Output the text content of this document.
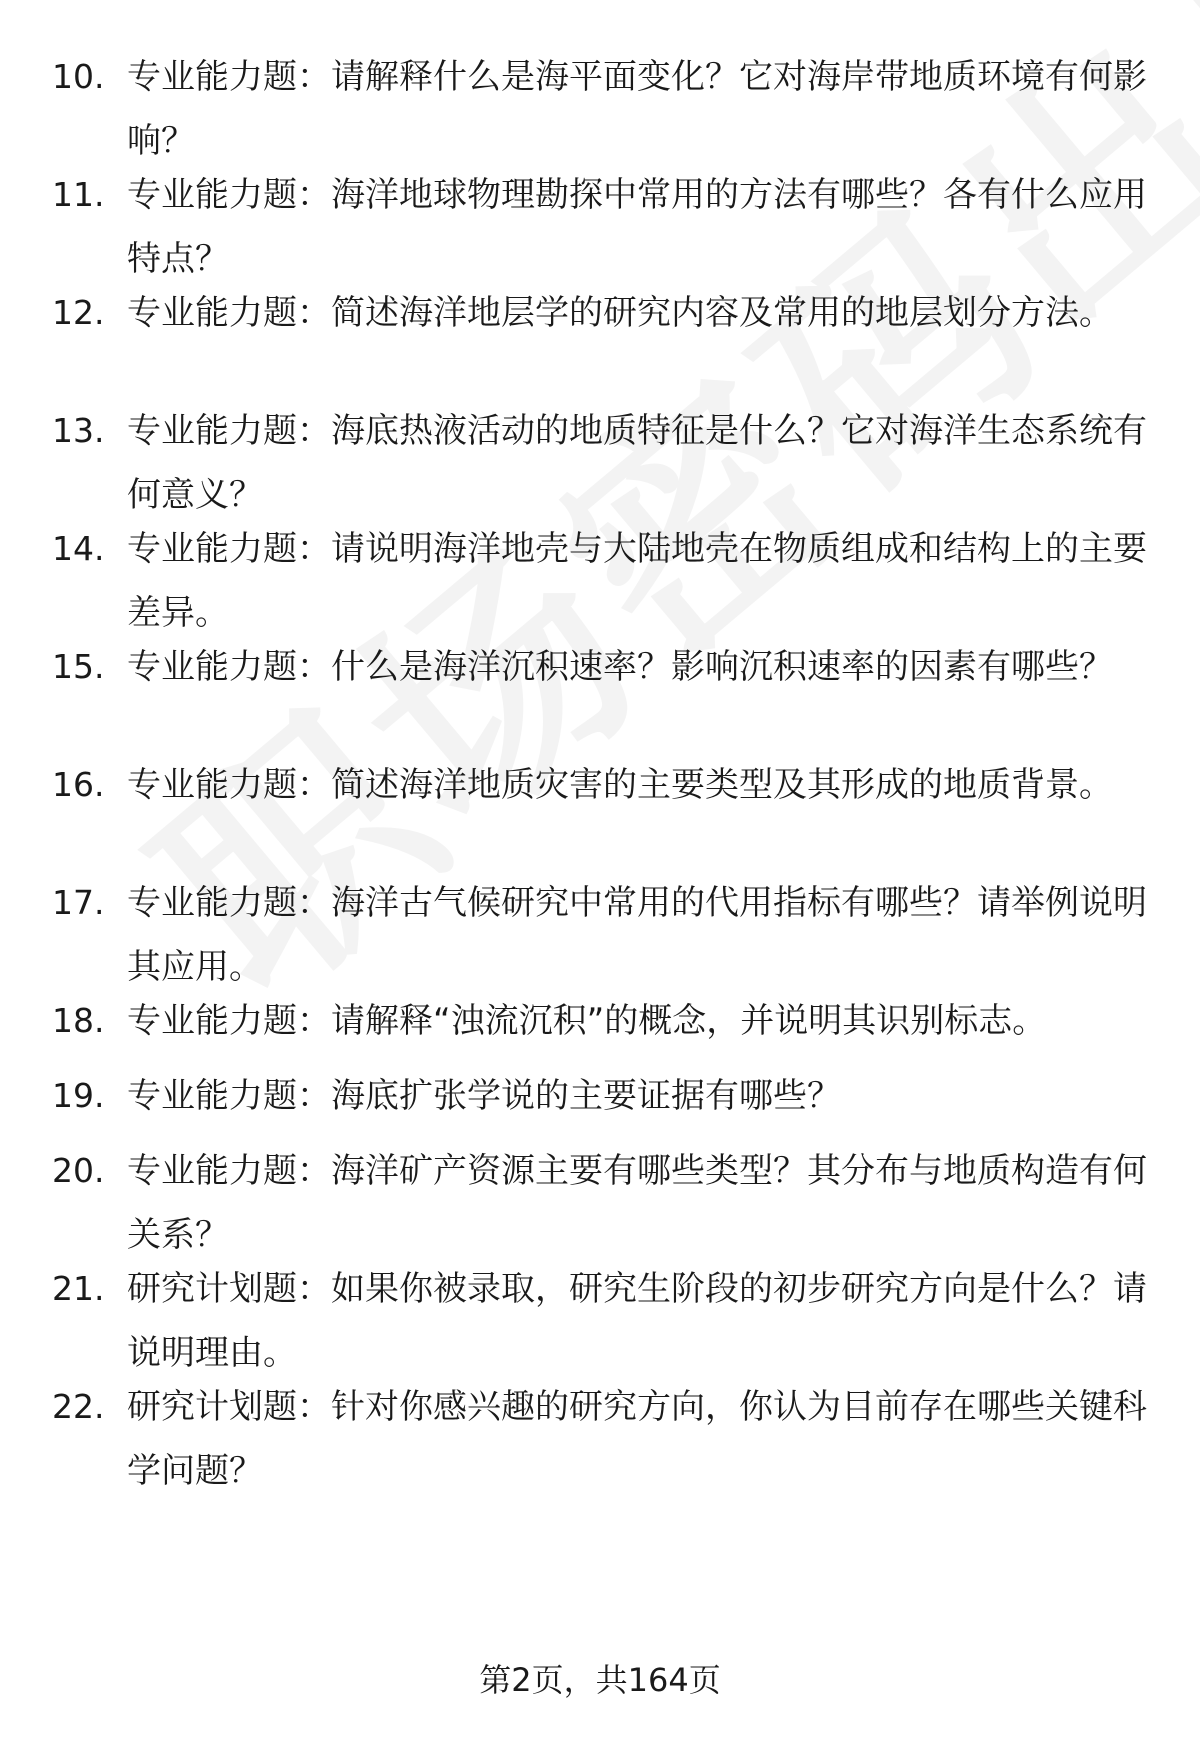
10. 专业能力题：请解释什么是海平面变化？它对海岸带地质环境有何影响？
11. 专业能力题：海洋地球物理勘探中常用的方法有哪些？各有什么应用特点？
12. 专业能力题：简述海洋地层学的研究内容及常用的地层划分方法。
13. 专业能力题：海底热液活动的地质特征是什么？它对海洋生态系统有何意义？
14. 专业能力题：请说明海洋地壳与大陆地壳在物质组成和结构上的主要差异。
15. 专业能力题：什么是海洋沉积速率？影响沉积速率的因素有哪些？
16. 专业能力题：简述海洋地质灾害的主要类型及其形成的地质背景。
17. 专业能力题：海洋古气候研究中常用的代用指标有哪些？请举例说明其应用。
18. 专业能力题：请解释“浊流沉积”的概念，并说明其识别标志。
19. 专业能力题：海底扩张学说的主要证据有哪些？
20. 专业能力题：海洋矿产资源主要有哪些类型？其分布与地质构造有何关系？
21. 研究计划题：如果你被录取，研究生阶段的初步研究方向是什么？请说明理由。
22. 研究计划题：针对你感兴趣的研究方向，你认为目前存在哪些关键科学问题？
第2页，共164页
